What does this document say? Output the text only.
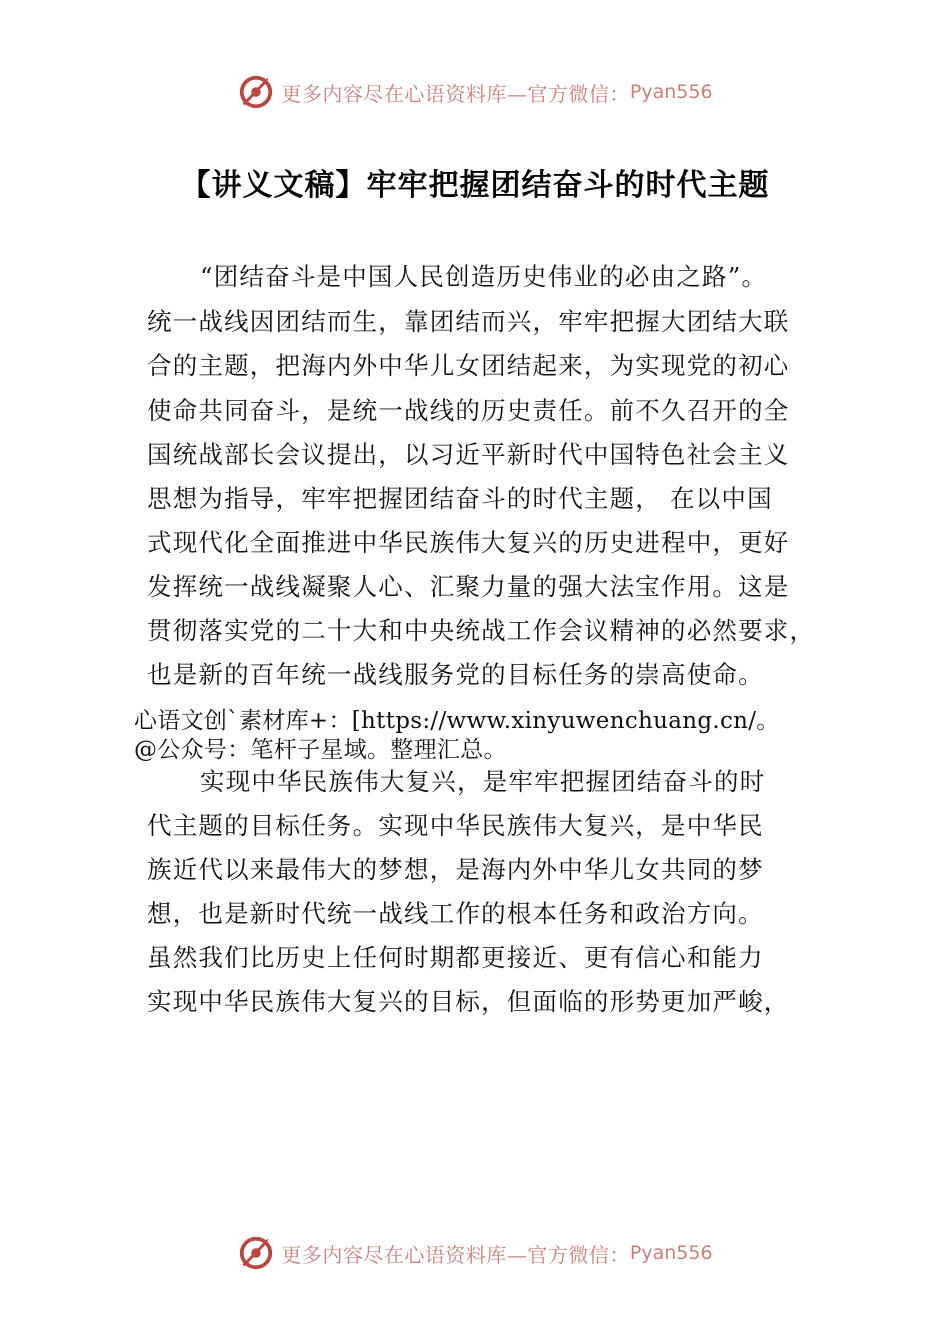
更多内容尽在心语资料库—官方微信： Pyan556
【讲义文稿】牢牢把握团结奋斗的时代主题
“团结奋斗是中国人民创造历史伟业的必由之路”。
统一战线因团结而生，靠团结而兴，牢牢把握大团结大联
合的主题，把海内外中华儿女团结起来，为实现党的初心
使命共同奋斗，是统一战线的历史责任。前不久召开的全
国统战部长会议提出，以习近平新时代中国特色社会主义
思想为指导，牢牢把握团结奋斗的时代主题， 在以中国
式现代化全面推进中华民族伟大复兴的历史进程中，更好
发挥统一战线凝聚人心、汇聚力量的强大法宝作用。这是
贯彻落实党的二十大和中央统战工作会议精神的必然要求，
也是新的百年统一战线服务党的目标任务的崇高使命。
心语文创`素材库+：[https://www.xinyuwenchuang.cn/。
@公众号：笔杆子星域。整理汇总。
实现中华民族伟大复兴，是牢牢把握团结奋斗的时
代主题的目标任务。实现中华民族伟大复兴，是中华民
族近代以来最伟大的梦想，是海内外中华儿女共同的梦
想，也是新时代统一战线工作的根本任务和政治方向。
虽然我们比历史上任何时期都更接近、更有信心和能力
实现中华民族伟大复兴的目标，但面临的形势更加严峻，
更多内容尽在心语资料库—官方微信： Pyan556
